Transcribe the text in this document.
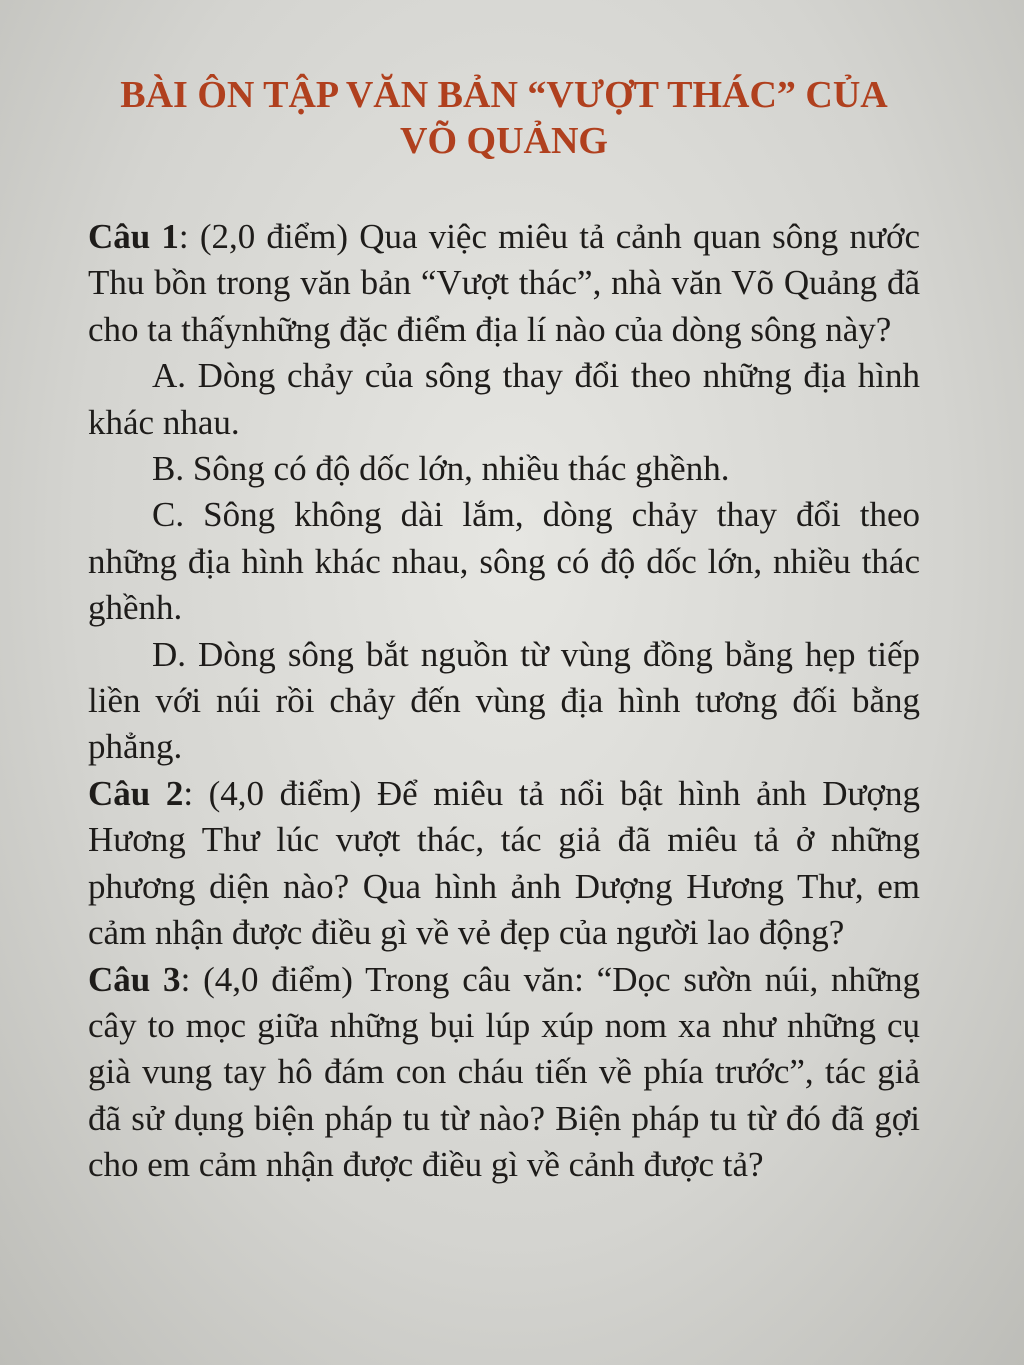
BÀI ÔN TẬP VĂN BẢN “VƯỢT THÁC” CỦA
VÕ QUẢNG

Câu 1: (2,0 điểm) Qua việc miêu tả cảnh quan sông nước Thu bồn trong văn bản “Vượt thác”, nhà văn Võ Quảng đã cho ta thấynhững đặc điểm địa lí nào của dòng sông này?

A. Dòng chảy của sông thay đổi theo những địa hình khác nhau.

B. Sông có độ dốc lớn, nhiều thác ghềnh.

C. Sông không dài lắm, dòng chảy thay đổi theo những địa hình khác nhau, sông có độ dốc lớn, nhiều thác ghềnh.

D. Dòng sông bắt nguồn từ vùng đồng bằng hẹp tiếp liền với núi rồi chảy đến vùng địa hình tương đối bằng phẳng.

Câu 2: (4,0 điểm) Để miêu tả nổi bật hình ảnh Dượng Hương Thư lúc vượt thác, tác giả đã miêu tả ở những phương diện nào? Qua hình ảnh Dượng Hương Thư, em cảm nhận được điều gì về vẻ đẹp của người lao động?

Câu 3: (4,0 điểm) Trong câu văn: “Dọc sườn núi, những cây to mọc giữa những bụi lúp xúp nom xa như những cụ già vung tay hô đám con cháu tiến về phía trước”, tác giả đã sử dụng biện pháp tu từ nào? Biện pháp tu từ đó đã gợi cho em cảm nhận được điều gì về cảnh được tả?
